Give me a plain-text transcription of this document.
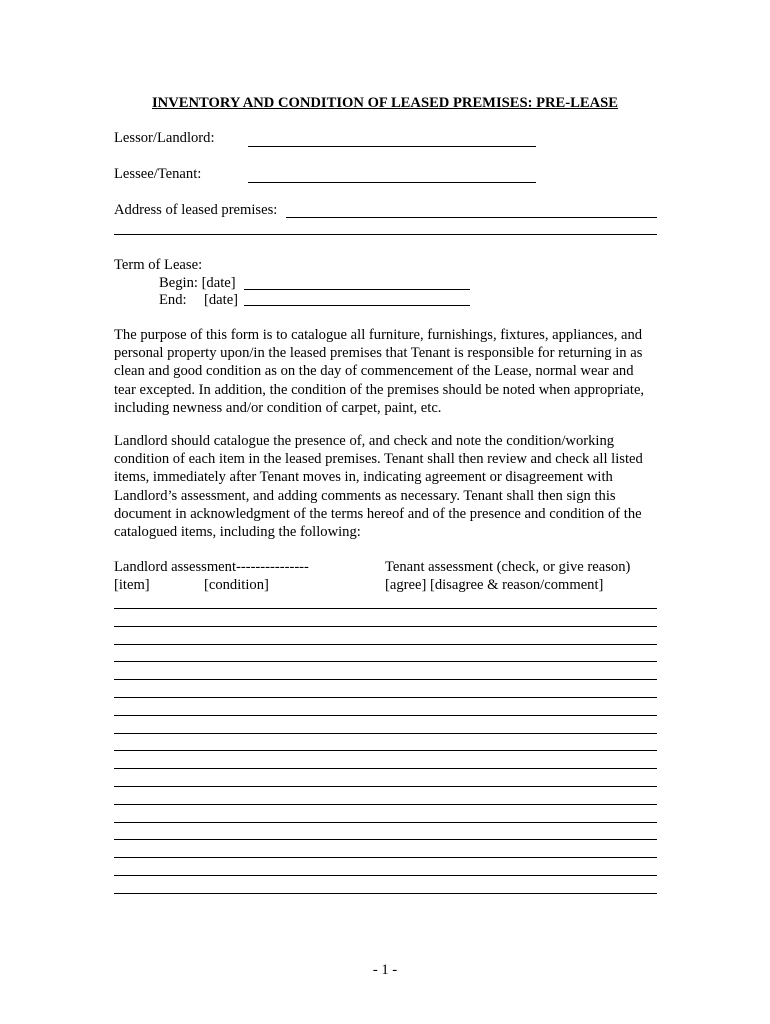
INVENTORY AND CONDITION OF LEASED PREMISES: PRE-LEASE
Lessor/Landlord:
Lessee/Tenant:
Address of leased premises:
Term of Lease:
Begin: [date]
End: [date]
The purpose of this form is to catalogue all furniture, furnishings, fixtures, appliances, and personal property upon/in the leased premises that Tenant is responsible for returning in as clean and good condition as on the day of commencement of the Lease, normal wear and tear excepted. In addition, the condition of the premises should be noted when appropriate, including newness and/or condition of carpet, paint, etc.
Landlord should catalogue the presence of, and check and note the condition/working condition of each item in the leased premises. Tenant shall then review and check all listed items, immediately after Tenant moves in, indicating agreement or disagreement with Landlord’s assessment, and adding comments as necessary. Tenant shall then sign this document in acknowledgment of the terms hereof and of the presence and condition of the catalogued items, including the following:
Landlord assessment---------------	Tenant assessment (check, or give reason)
[item]	[condition]	[agree] [disagree & reason/comment]
- 1 -
